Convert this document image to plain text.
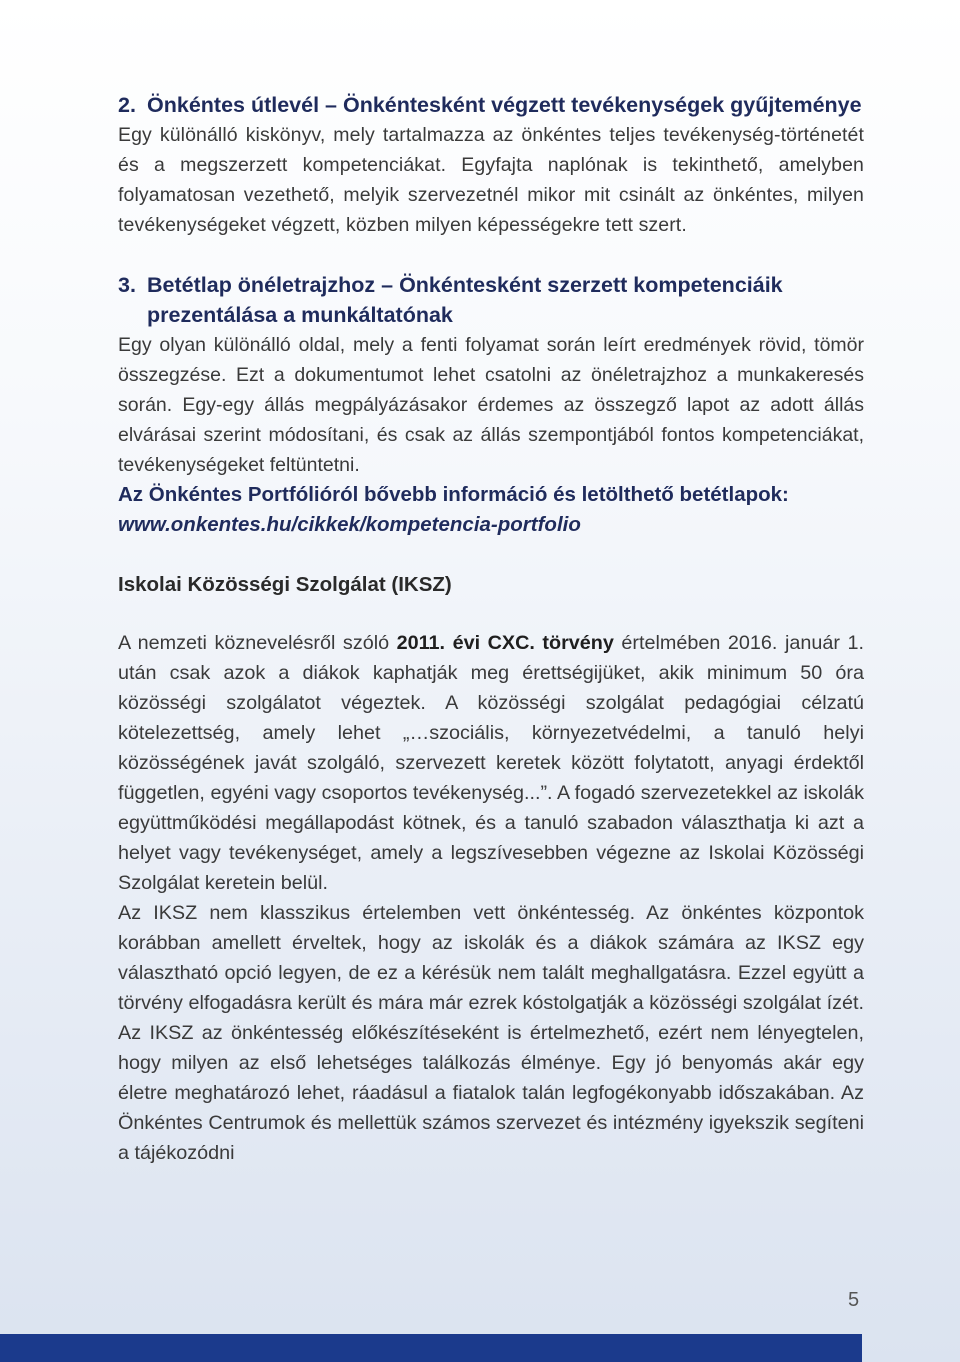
2. Önkéntes útlevél – Önkéntesként végzett tevékenységek gyűjteménye

Egy különálló kiskönyv, mely tartalmazza az önkéntes teljes tevékenység-történetét és a megszerzett kompetenciákat. Egyfajta naplónak is tekinthető, amelyben folyamatosan vezethető, melyik szervezetnél mikor mit csinált az önkéntes, milyen tevékenységeket végzett, közben milyen képességekre tett szert.

3. Betétlap önéletrajzhoz – Önkéntesként szerzett kompetenciáik prezentálása a munkáltatónak

Egy olyan különálló oldal, mely a fenti folyamat során leírt eredmények rövid, tömör összegzése. Ezt a dokumentumot lehet csatolni az önéletrajzhoz a munkakeresés során. Egy-egy állás megpályázásakor érdemes az összegző lapot az adott állás elvárásai szerint módosítani, és csak az állás szempontjából fontos kompetenciákat, tevékenységeket feltüntetni.

Az Önkéntes Portfólióról bővebb információ és letölthető betétlapok:
www.onkentes.hu/cikkek/kompetencia-portfolio
Iskolai Közösségi Szolgálat (IKSZ)

A nemzeti köznevelésről szóló 2011. évi CXC. törvény értelmében 2016. január 1. után csak azok a diákok kaphatják meg érettségijüket, akik minimum 50 óra közösségi szolgálatot végeztek. A közösségi szolgálat pedagógiai célzatú kötelezettség, amely lehet „…szociális, környezetvédelmi, a tanuló helyi közösségének javát szolgáló, szervezett keretek között folytatott, anyagi érdektől független, egyéni vagy csoportos tevékenység...”. A fogadó szervezetekkel az iskolák együttműködési megállapodást kötnek, és a tanuló szabadon választhatja ki azt a helyet vagy tevékenységet, amely a legszívesebben végezne az Iskolai Közösségi Szolgálat keretein belül.

Az IKSZ nem klasszikus értelemben vett önkéntesség. Az önkéntes központok korábban amellett érveltek, hogy az iskolák és a diákok számára az IKSZ egy választható opció legyen, de ez a kérésük nem talált meghallgatásra. Ezzel együtt a törvény elfogadásra került és mára már ezrek kóstolgatják a közösségi szolgálat ízét. Az IKSZ az önkéntesség előkészítéseként is értelmezhető, ezért nem lényegtelen, hogy milyen az első lehetséges találkozás élménye. Egy jó benyomás akár egy életre meghatározó lehet, ráadásul a fiatalok talán legfogékonyabb időszakában. Az Önkéntes Centrumok és mellettük számos szervezet és intézmény igyekszik segíteni a tájékozódni

5
